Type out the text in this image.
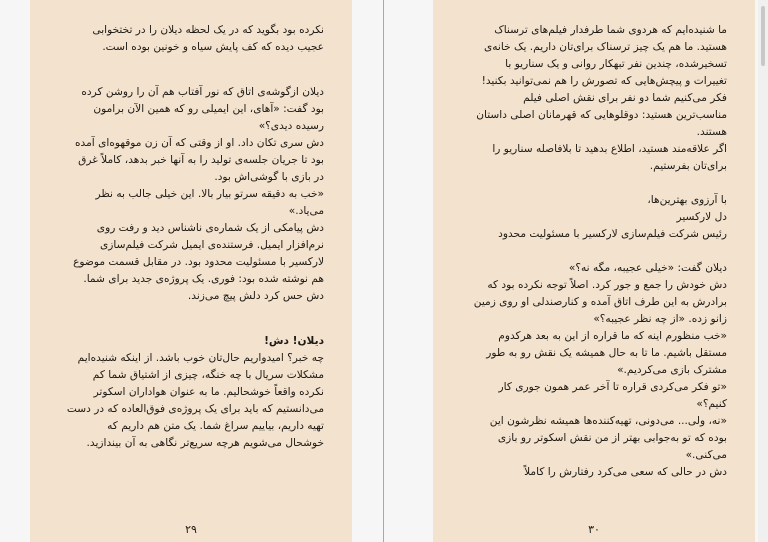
نکرده بود بگوید که در یک لحظه دیلان را در تختخوابی عجیب دیده که کف پایش سیاه و خونین بوده است.

دیلان ازگوشه‌ی اتاق که نور آفتاب هم آن را روشن کرده بود گفت: «آهای، این ایمیلی رو که همین الآن برامون رسیده دیدی؟»

دش سری تکان داد. او از وقتی که آن زن موقهوه‌ای آمده بود تا جریان جلسه‌ی تولید را به آنها خبر بدهد، کاملاً غرق در بازی با گوشی‌اش بود.

«خب به دقیقه سرتو بیار بالا. این خیلی جالب به نظر می‌یاد.»

دش پیامکی از یک شماره‌ی ناشناس دید و رفت روی نرم‌افزار ایمیل. فرستنده‌ی ایمیل شرکت فیلم‌سازی لارکسیر با مسئولیت محدود بود. در مقابل قسمت موضوع هم نوشته شده بود: فوری. یک پروژه‌ی جدید برای شما. دش حس کرد دلش پیچ می‌زند.

دیلان! دش!

چه خبر؟ امیدواریم حال‌تان خوب باشد. از اینکه شنیده‌ایم مشکلات سریال با چه خنگه، چیزی از اشتیاق شما کم نکرده واقعاً خوشحالیم. ما به عنوان هواداران اسکوتر می‌دانستیم که باید برای یک پروژه‌ی فوق‌العاده که در دست تهیه داریم، بیاییم سراغ شما. یک متن هم داریم که خوشحال می‌شویم هرچه سریع‌تر نگاهی به آن بیندازید.

۲۹

ما شنیده‌ایم که هردوی شما طرفدار فیلم‌های ترسناک هستید. ما هم یک چیز ترسناک برای‌تان داریم. یک خانه‌ی تسخیرشده، چندین نفر تبهکار روانی و یک سناریو با تغییرات و پیچش‌هایی که تصورش را هم نمی‌توانید بکنید! فکر می‌کنیم شما دو نفر برای نقش اصلی فیلم مناسب‌ترین هستید: دوقلوهایی که قهرمانان اصلی داستان هستند.

اگر علاقه‌مند هستید، اطلاع بدهید تا بلافاصله سناریو را برای‌تان بفرستیم.

با آرزوی بهترین‌ها،

دل لارکسیر

رئیس شرکت فیلم‌سازی لارکسیر با مسئولیت محدود

دیلان گفت: «خیلی عجیبه، مگه نه؟»

دش خودش را جمع و جور کرد. اصلاً توجه نکرده بود که برادرش به این طرف اتاق آمده و کنارصندلی او روی زمین زانو زده. «از چه نظر عجیبه؟»

«خب منظورم اینه که ما قراره از این به بعد هرکدوم مستقل باشیم. ما تا به حال همیشه یک نقش رو به طور مشترک بازی می‌کردیم.»

«تو فکر می‌کردی قراره تا آخر عمر همون جوری کار کنیم؟»

«نه، ولی... می‌دونی، تهیه‌کننده‌ها همیشه نظرشون این بوده که تو به‌جوابی بهتر از من نقش اسکوتر رو بازی می‌کنی.»

دش در حالی که سعی می‌کرد رفتارش را کاملاً

۳۰
